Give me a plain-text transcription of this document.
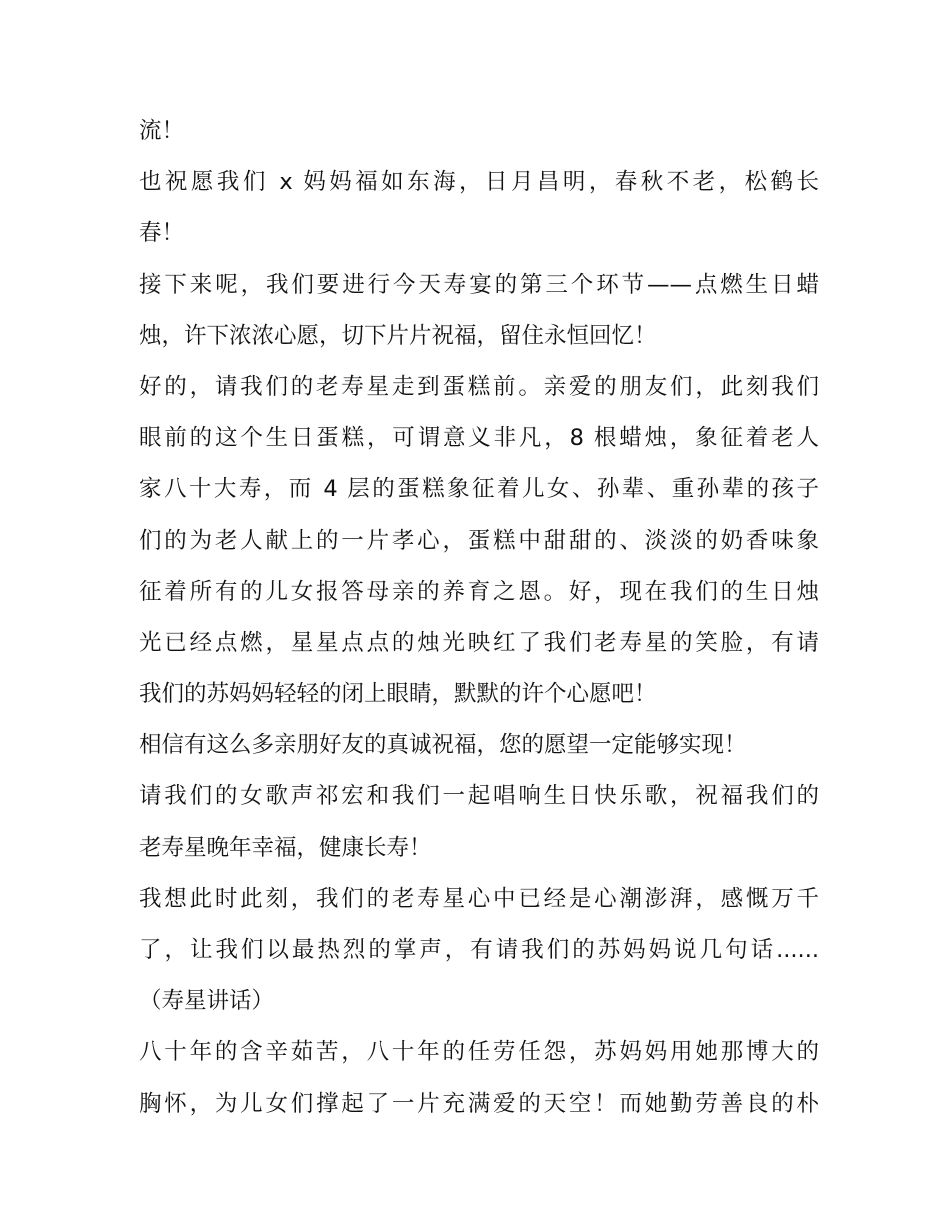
流！
也祝愿我们 x 妈妈福如东海，日月昌明，春秋不老，松鹤长
春！
接下来呢，我们要进行今天寿宴的第三个环节——点燃生日蜡
烛，许下浓浓心愿，切下片片祝福，留住永恒回忆！
好的，请我们的老寿星走到蛋糕前。亲爱的朋友们，此刻我们
眼前的这个生日蛋糕，可谓意义非凡，8 根蜡烛，象征着老人
家八十大寿，而 4 层的蛋糕象征着儿女、孙辈、重孙辈的孩子
们的为老人献上的一片孝心，蛋糕中甜甜的、淡淡的奶香味象
征着所有的儿女报答母亲的养育之恩。好，现在我们的生日烛
光已经点燃，星星点点的烛光映红了我们老寿星的笑脸，有请
我们的苏妈妈轻轻的闭上眼睛，默默的许个心愿吧！
相信有这么多亲朋好友的真诚祝福，您的愿望一定能够实现！
请我们的女歌声祁宏和我们一起唱响生日快乐歌，祝福我们的
老寿星晚年幸福，健康长寿！
我想此时此刻，我们的老寿星心中已经是心潮澎湃，感慨万千
了，让我们以最热烈的掌声，有请我们的苏妈妈说几句话......
（寿星讲话）
八十年的含辛茹苦，八十年的任劳任怨，苏妈妈用她那博大的
胸怀，为儿女们撑起了一片充满爱的天空！而她勤劳善良的朴
